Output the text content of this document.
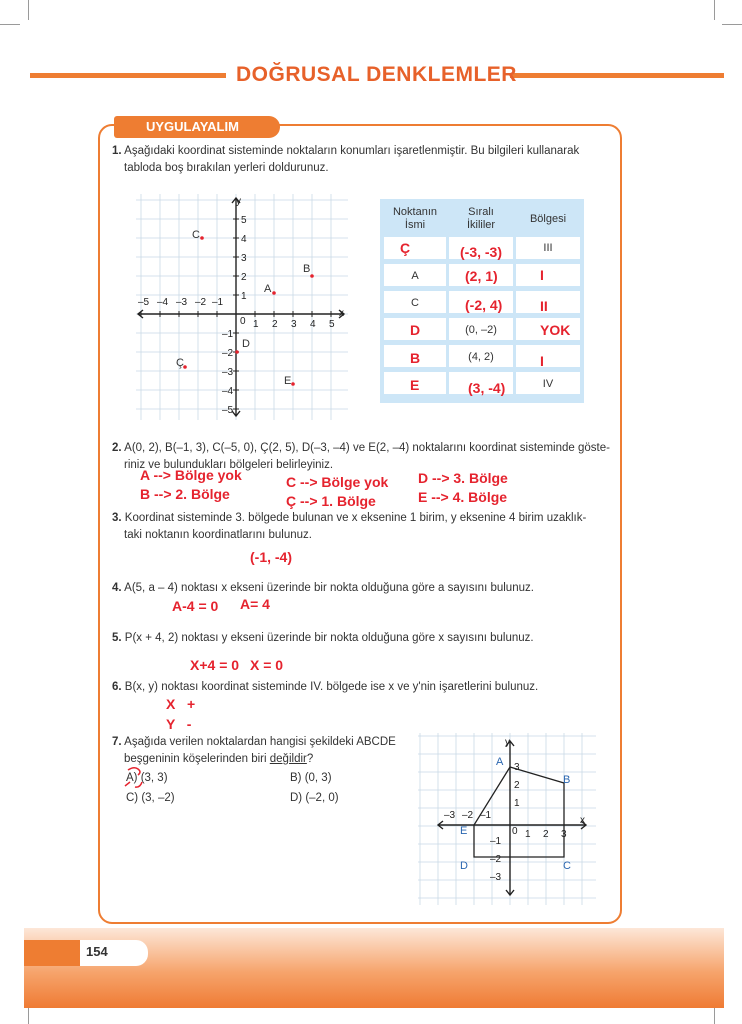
DOĞRUSAL DENKLEMLER
UYGULAYALIM
1. Aşağıdaki koordinat sisteminde noktaların konumları işaretlenmiştir. Bu bilgileri kullanarak
tabloda boş bırakılan yerleri doldurunuz.
x
y
0
–5 –4 –3 –2 –1
1 2 3 4 5
5
4
3
2
1
–1
–2
–3
–4
–5
C
B
A
D
Ç
E
Noktanın
İsmi
Sıralı
İkililer	Bölgesi
Ç	(-3, -3)	III
A	(2, 1)	I
C	(-2, 4)	II
D	(0, –2)	YOK
B	(4, 2)	I
E	(3, -4)	IV
2. A(0, 2), B(–1, 3), C(–5, 0), Ç(2, 5), D(–3, –4) ve E(2, –4) noktalarını koordinat sisteminde göste-
riniz ve bulundukları bölgeleri belirleyiniz.
A --> Bölge yok
B --> 2. Bölge
C --> Bölge yok
Ç --> 1. Bölge
D --> 3. Bölge
E --> 4. Bölge
3. Koordinat sisteminde 3. bölgede bulunan ve x eksenine 1 birim, y eksenine 4 birim uzaklık-
taki noktanın koordinatlarını bulunuz.
(-1, -4)
4. A(5, a – 4) noktası x ekseni üzerinde bir nokta olduğuna göre a sayısını bulunuz.
A-4 = 0 A= 4
5. P(x + 4, 2) noktası y ekseni üzerinde bir nokta olduğuna göre x sayısını bulunuz.
X+4 = 0 X = 0
6. B(x, y) noktası koordinat sisteminde IV. bölgede ise x ve y'nin işaretlerini bulunuz.
X   +
Y   -
7. Aşağıda verilen noktalardan hangisi şekildeki ABCDE
beşgeninin köşelerinden biri değildir?
A) (3, 3)	B) (0, 3)
C) (3, –2)	D) (–2, 0)
x
y
0
–3 –2 –1
1 2 3
3
2
1
–1
–2
–3
A
B
C
D
E
154
